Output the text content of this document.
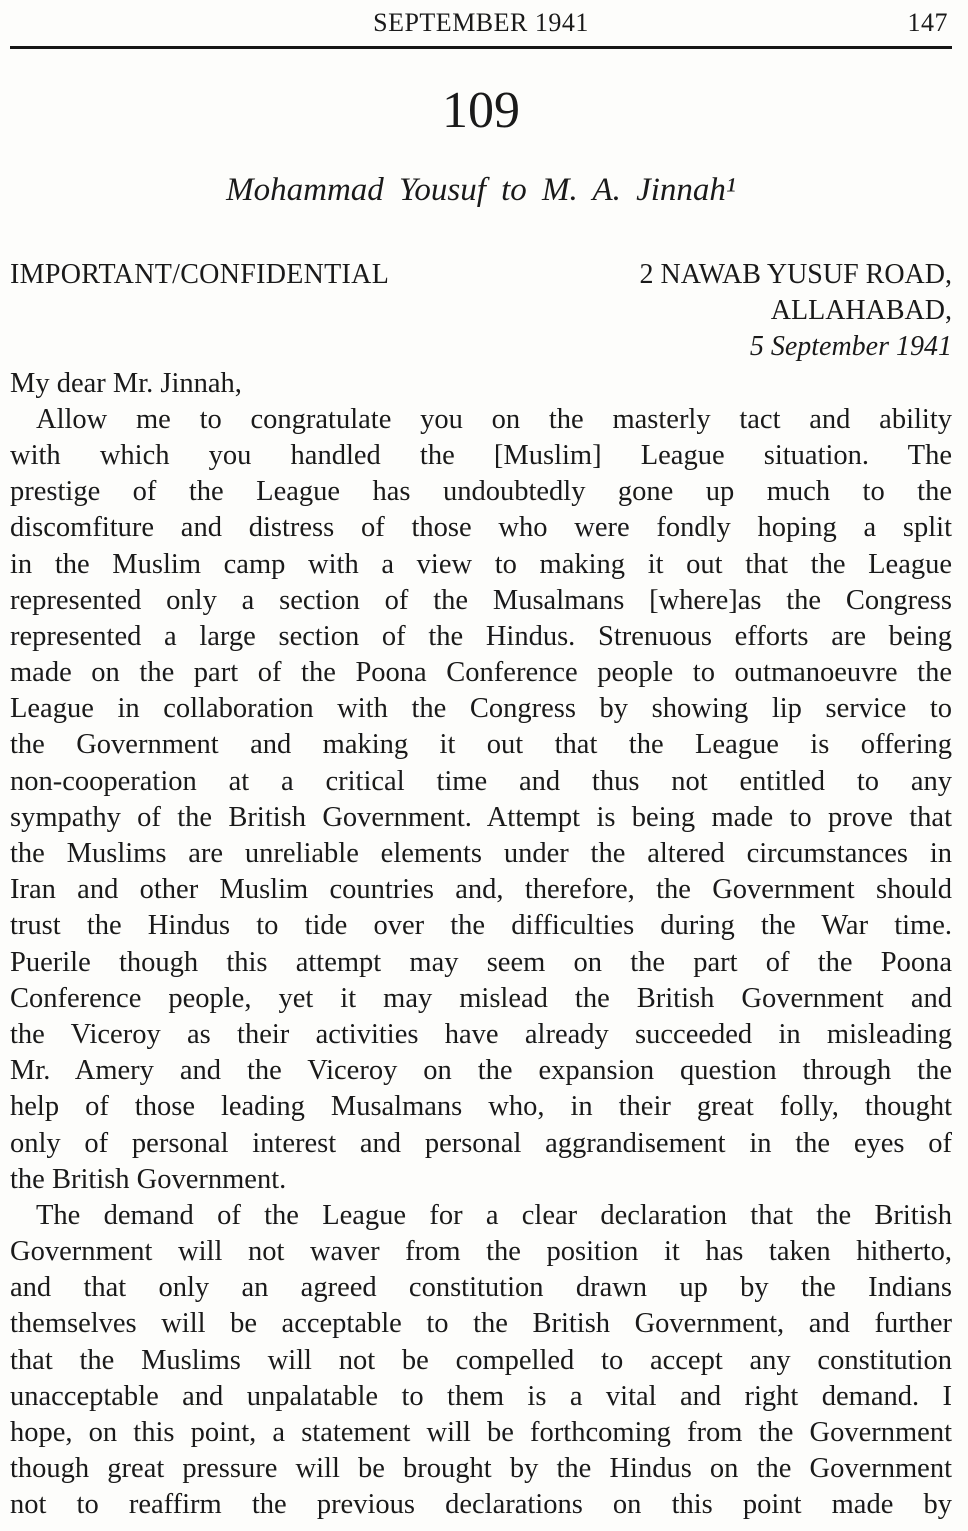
SEPTEMBER 1941	147
109
Mohammad Yousuf to M. A. Jinnah¹
IMPORTANT/CONFIDENTIAL	2 NAWAB YUSUF ROAD,
ALLAHABAD,
5 September 1941
My dear Mr. Jinnah,
Allow me to congratulate you on the masterly tact and ability
with which you handled the [Muslim] League situation. The
prestige of the League has undoubtedly gone up much to the
discomfiture and distress of those who were fondly hoping a split
in the Muslim camp with a view to making it out that the League
represented only a section of the Musalmans [where]as the Congress
represented a large section of the Hindus. Strenuous efforts are being
made on the part of the Poona Conference people to outmanoeuvre the
League in collaboration with the Congress by showing lip service to
the Government and making it out that the League is offering
non-cooperation at a critical time and thus not entitled to any
sympathy of the British Government. Attempt is being made to prove that
the Muslims are unreliable elements under the altered circumstances in
Iran and other Muslim countries and, therefore, the Government should
trust the Hindus to tide over the difficulties during the War time.
Puerile though this attempt may seem on the part of the Poona
Conference people, yet it may mislead the British Government and
the Viceroy as their activities have already succeeded in misleading
Mr. Amery and the Viceroy on the expansion question through the
help of those leading Musalmans who, in their great folly, thought
only of personal interest and personal aggrandisement in the eyes of
the British Government.
The demand of the League for a clear declaration that the British
Government will not waver from the position it has taken hitherto,
and that only an agreed constitution drawn up by the Indians
themselves will be acceptable to the British Government, and further
that the Muslims will not be compelled to accept any constitution
unacceptable and unpalatable to them is a vital and right demand. I
hope, on this point, a statement will be forthcoming from the Government
though great pressure will be brought by the Hindus on the Government
not to reaffirm the previous declarations on this point made by
